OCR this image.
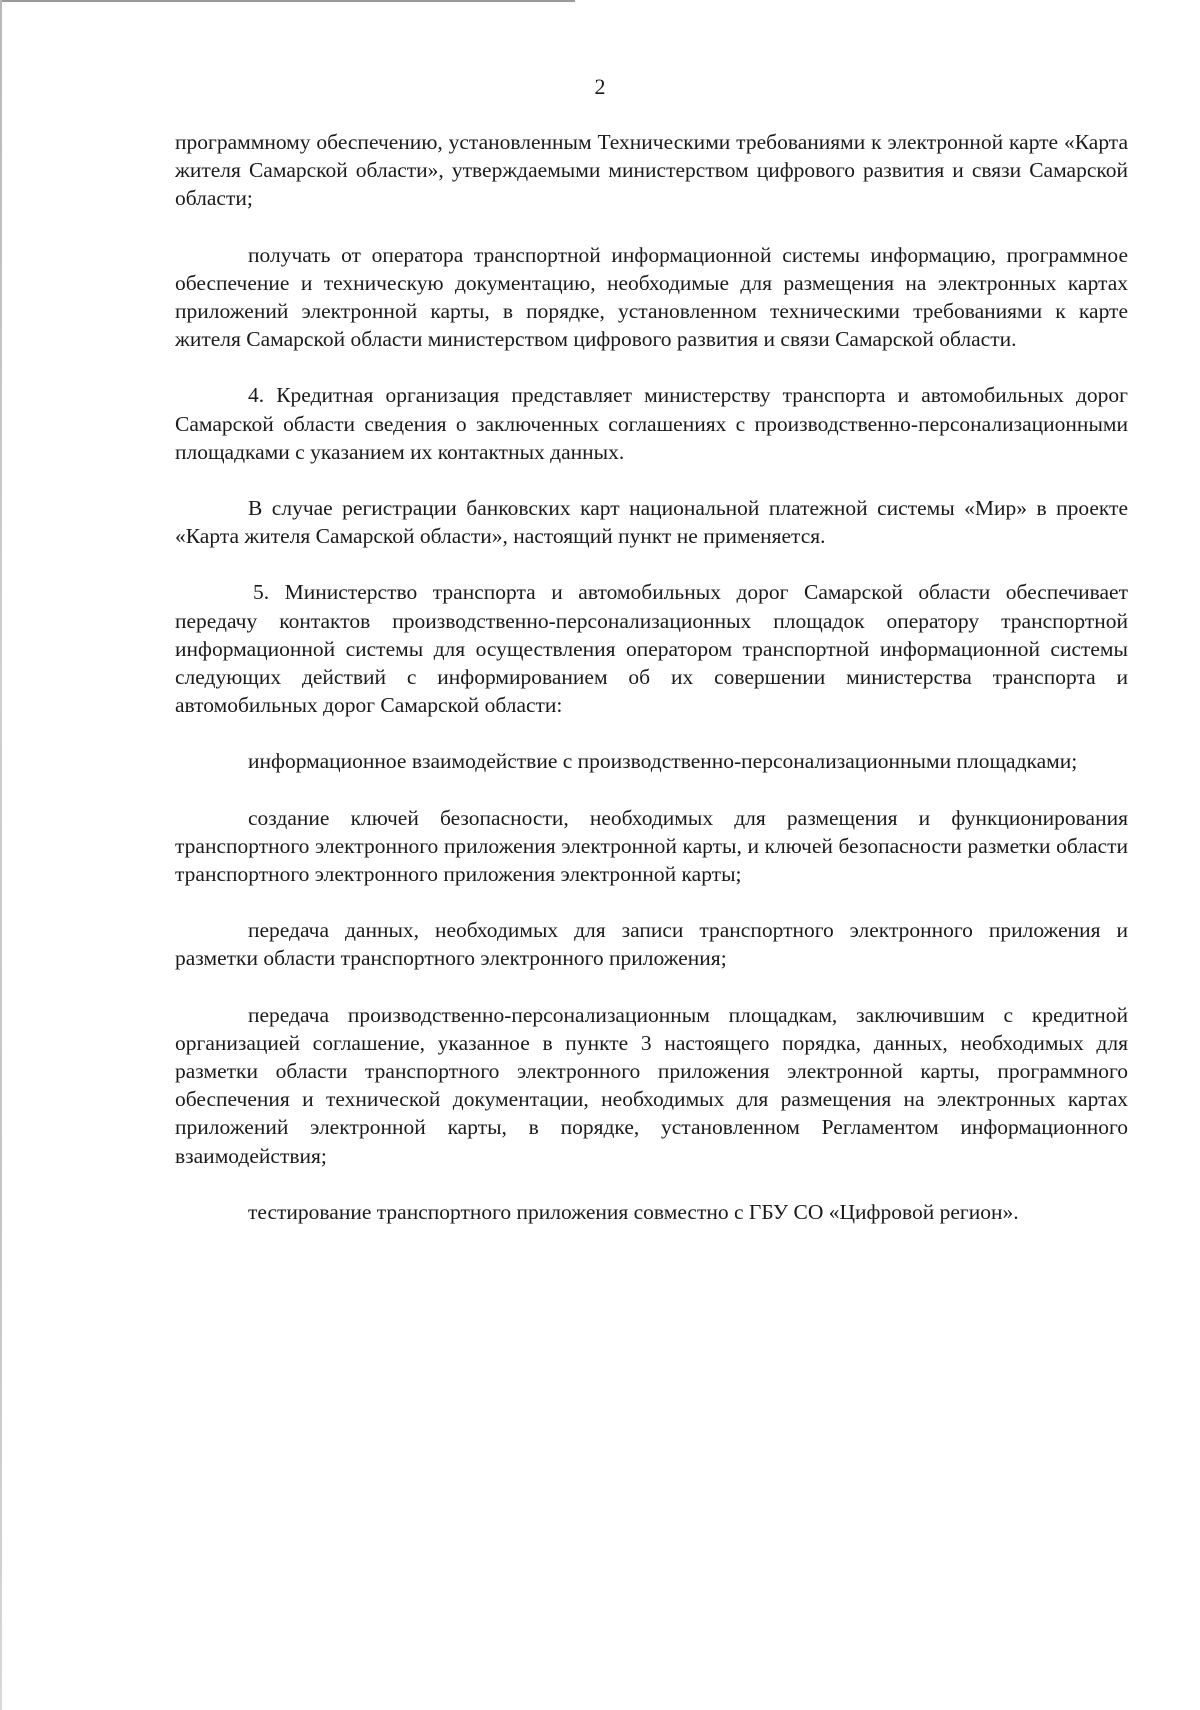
2

программному обеспечению, установленным Техническими требованиями к электронной карте «Карта жителя Самарской области», утверждаемыми министерством цифрового развития и связи Самарской области;

получать от оператора транспортной информационной системы информацию, программное обеспечение и техническую документацию, необходимые для размещения на электронных картах приложений электронной карты, в порядке, установленном техническими требованиями к карте жителя Самарской области министерством цифрового развития и связи Самарской области.

4. Кредитная организация представляет министерству транспорта и автомобильных дорог Самарской области сведения о заключенных соглашениях с производственно-персонализационными площадками с указанием их контактных данных.

В случае регистрации банковских карт национальной платежной системы «Мир» в проекте «Карта жителя Самарской области», настоящий пункт не применяется.

5. Министерство транспорта и автомобильных дорог Самарской области обеспечивает передачу контактов производственно-персонализационных площадок оператору транспортной информационной системы для осуществления оператором транспортной информационной системы следующих действий с информированием об их совершении министерства транспорта и автомобильных дорог Самарской области:

информационное взаимодействие с производственно-персонализационными площадками;

создание ключей безопасности, необходимых для размещения и функционирования транспортного электронного приложения электронной карты, и ключей безопасности разметки области транспортного электронного приложения электронной карты;

передача данных, необходимых для записи транспортного электронного приложения и разметки области транспортного электронного приложения;

передача производственно-персонализационным площадкам, заключившим с кредитной организацией соглашение, указанное в пункте 3 настоящего порядка, данных, необходимых для разметки области транспортного электронного приложения электронной карты, программного обеспечения и технической документации, необходимых для размещения на электронных картах приложений электронной карты, в порядке, установленном Регламентом информационного взаимодействия;

тестирование транспортного приложения совместно с ГБУ СО «Цифровой регион».
